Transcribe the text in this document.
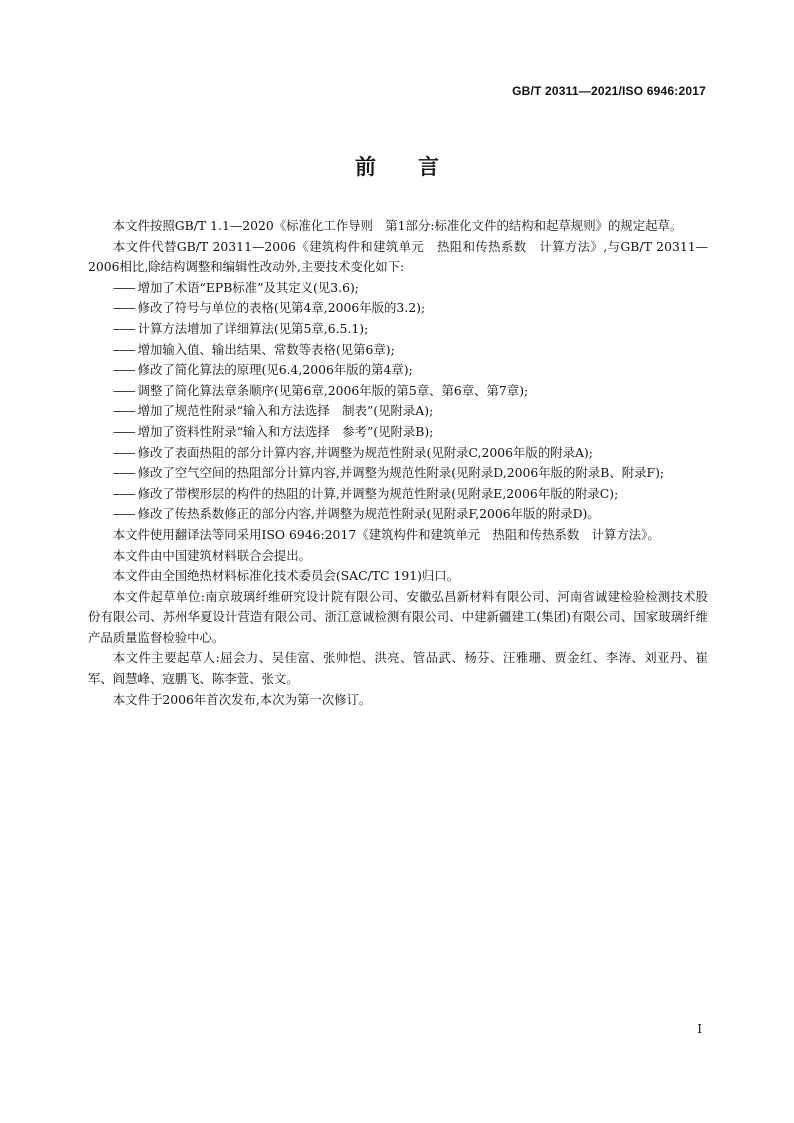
GB/T 20311—2021/ISO 6946:2017
前言

本文件按照GB/T 1.1—2020《标准化工作导则　第1部分:标准化文件的结构和起草规则》的规定起草。

本文件代替GB/T 20311—2006《建筑构件和建筑单元　热阻和传热系数　计算方法》,与GB/T 20311—2006相比,除结构调整和编辑性改动外,主要技术变化如下:

—— 增加了术语“EPB标准”及其定义(见3.6);
—— 修改了符号与单位的表格(见第4章,2006年版的3.2);
—— 计算方法增加了详细算法(见第5章,6.5.1);
—— 增加输入值、输出结果、常数等表格(见第6章);
—— 修改了简化算法的原理(见6.4,2006年版的第4章);
—— 调整了简化算法章条顺序(见第6章,2006年版的第5章、第6章、第7章);
—— 增加了规范性附录“输入和方法选择　制表”(见附录A);
—— 增加了资料性附录“输入和方法选择　参考”(见附录B);
—— 修改了表面热阻的部分计算内容,并调整为规范性附录(见附录C,2006年版的附录A);
—— 修改了空气空间的热阻部分计算内容,并调整为规范性附录(见附录D,2006年版的附录B、附录F);
—— 修改了带楔形层的构件的热阻的计算,并调整为规范性附录(见附录E,2006年版的附录C);
—— 修改了传热系数修正的部分内容,并调整为规范性附录(见附录F,2006年版的附录D)。

本文件使用翻译法等同采用ISO 6946:2017《建筑构件和建筑单元　热阻和传热系数　计算方法》。

本文件由中国建筑材料联合会提出。

本文件由全国绝热材料标准化技术委员会(SAC/TC 191)归口。

本文件起草单位:南京玻璃纤维研究设计院有限公司、安徽弘昌新材料有限公司、河南省诚建检验检测技术股份有限公司、苏州华夏设计营造有限公司、浙江意诚检测有限公司、中建新疆建工(集团)有限公司、国家玻璃纤维产品质量监督检验中心。

本文件主要起草人:屈会力、吴佳富、张帅恺、洪亮、管品武、杨芬、汪雅珊、贾金红、李涛、刘亚丹、崔军、阎慧峰、寇鹏飞、陈李萱、张文。

本文件于2006年首次发布,本次为第一次修订。

I
